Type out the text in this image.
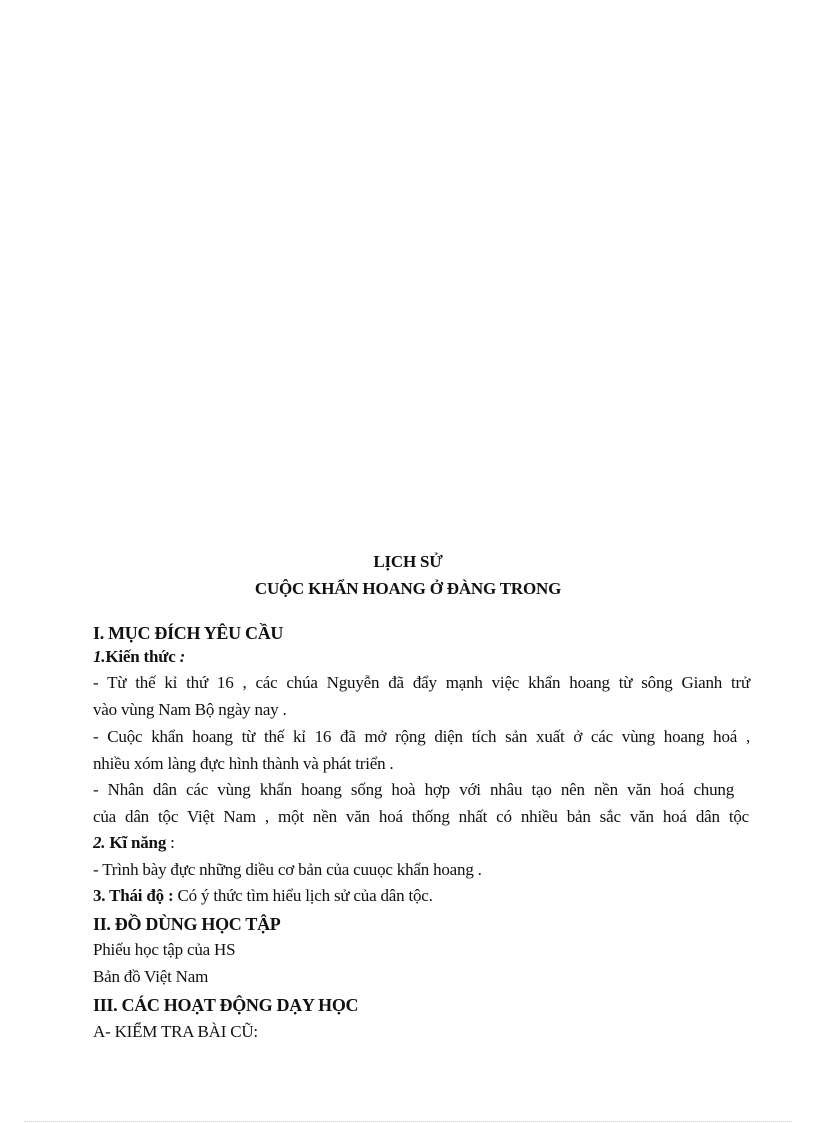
LỊCH SỬ
CUỘC KHẨN HOANG Ở ĐÀNG TRONG
I. MỤC ĐÍCH YÊU CẦU
1.Kiến thức :
- Từ thế kỉ thứ 16 , các chúa Nguyễn đã đẩy mạnh việc khẩn hoang từ sông Gianh trử
vào vùng Nam Bộ ngày nay .
- Cuộc khẩn hoang từ thế kỉ 16 đã mở rộng diện tích sản xuất ở các vùng hoang hoá ,
nhiều xóm làng đực hình thành và phát triển .
- Nhân dân các vùng khẩn hoang sống hoà hợp với nhâu tạo nên nền văn hoá chung
của dân tộc Việt Nam , một nền văn hoá thống nhất có nhiều bản sắc văn hoá dân tộc
2. Kĩ năng :
- Trình bày đực những diều cơ bản của cuuọc khẩn hoang .
3. Thái độ : Có ý thức tìm hiểu lịch sử của dân tộc.
II. ĐỒ DÙNG HỌC TẬP
Phiếu học tập của HS
Bản đồ Việt Nam
III. CÁC HOẠT ĐỘNG DẠY HỌC
A- KIỂM TRA BÀI CŨ:
